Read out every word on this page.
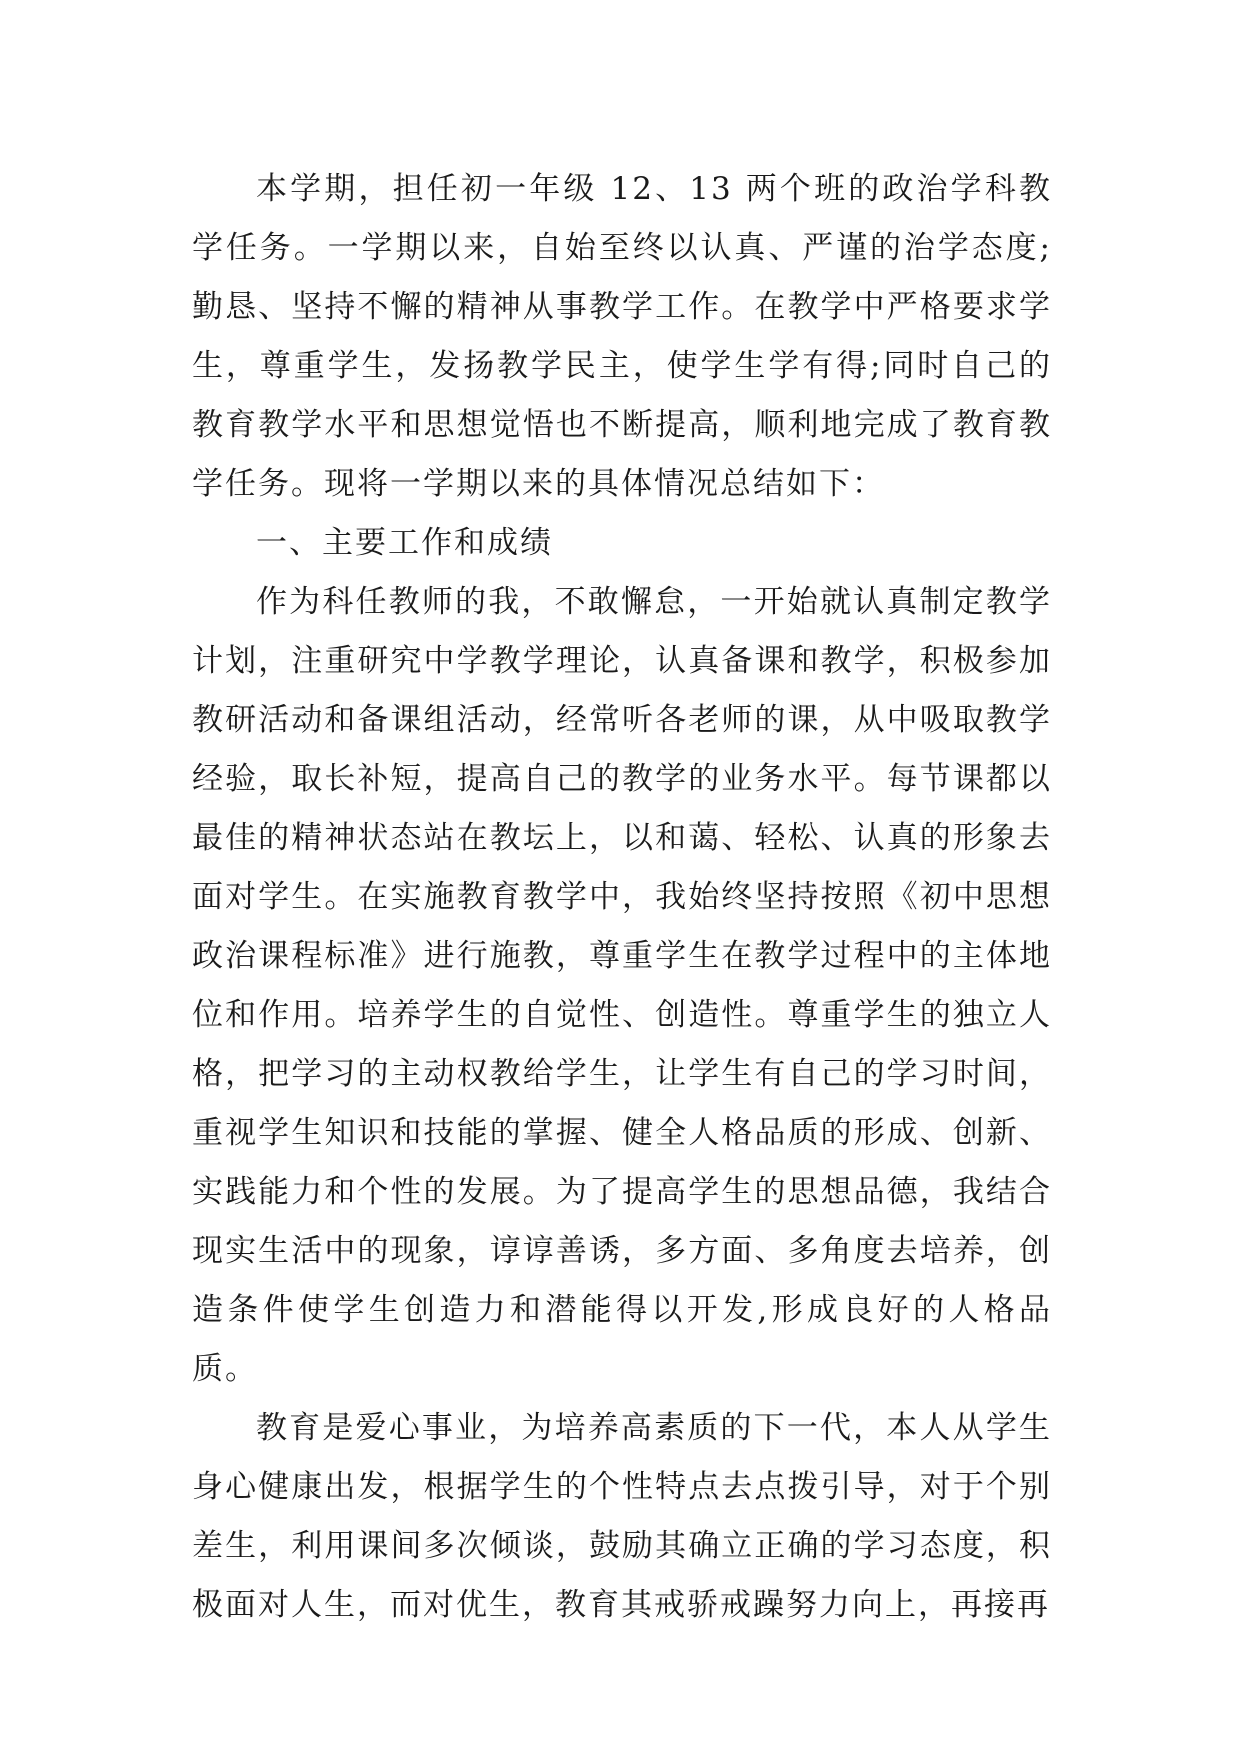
本学期，担任初一年级 12、13 两个班的政治学科教学任务。一学期以来，自始至终以认真、严谨的治学态度;勤恳、坚持不懈的精神从事教学工作。在教学中严格要求学生，尊重学生，发扬教学民主，使学生学有得;同时自己的教育教学水平和思想觉悟也不断提高，顺利地完成了教育教学任务。现将一学期以来的具体情况总结如下：

一、主要工作和成绩

作为科任教师的我，不敢懈怠，一开始就认真制定教学计划，注重研究中学教学理论，认真备课和教学，积极参加教研活动和备课组活动，经常听各老师的课，从中吸取教学经验，取长补短，提高自己的教学的业务水平。每节课都以最佳的精神状态站在教坛上，以和蔼、轻松、认真的形象去面对学生。在实施教育教学中，我始终坚持按照《初中思想政治课程标准》进行施教，尊重学生在教学过程中的主体地位和作用。培养学生的自觉性、创造性。尊重学生的独立人格，把学习的主动权教给学生，让学生有自己的学习时间，重视学生知识和技能的掌握、健全人格品质的形成、创新、实践能力和个性的发展。为了提高学生的思想品德，我结合现实生活中的现象，谆谆善诱，多方面、多角度去培养，创造条件使学生创造力和潜能得以开发,形成良好的人格品质。

教育是爱心事业，为培养高素质的下一代，本人从学生身心健康出发，根据学生的个性特点去点拨引导，对于个别差生，利用课间多次倾谈，鼓励其确立正确的学习态度，积极面对人生，而对优生，教育其戒骄戒躁努力向上，再接再
